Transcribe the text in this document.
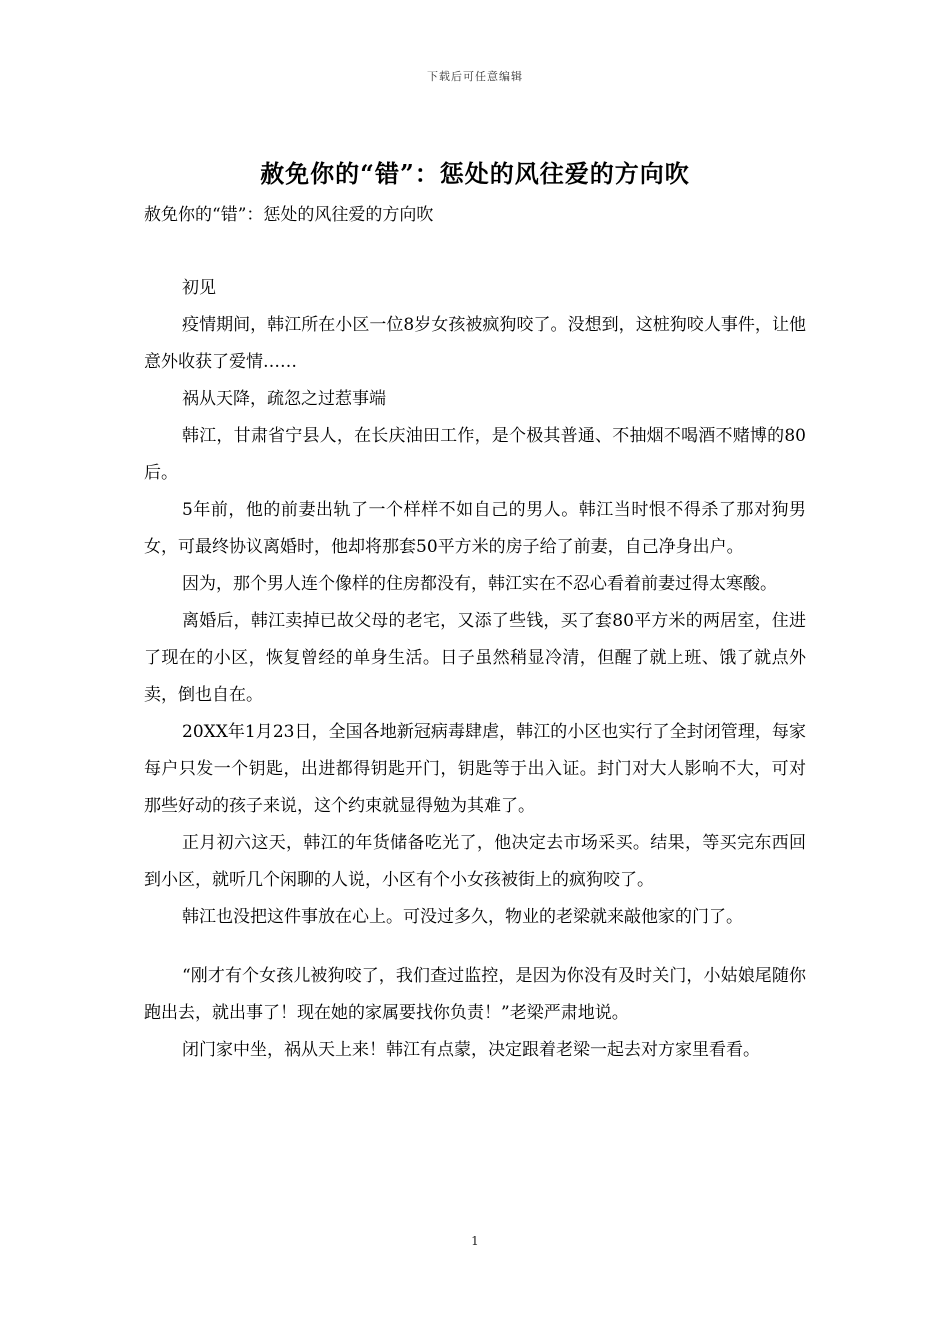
下载后可任意编辑
赦免你的“错”：惩处的风往爱的方向吹

赦免你的“错”：惩处的风往爱的方向吹

初见

疫情期间，韩江所在小区一位8岁女孩被疯狗咬了。没想到，这桩狗咬人事件，让他意外收获了爱情……

祸从天降，疏忽之过惹事端

韩江，甘肃省宁县人，在长庆油田工作，是个极其普通、不抽烟不喝酒不赌博的80后。

5年前，他的前妻出轨了一个样样不如自己的男人。韩江当时恨不得杀了那对狗男女，可最终协议离婚时，他却将那套50平方米的房子给了前妻，自己净身出户。

因为，那个男人连个像样的住房都没有，韩江实在不忍心看着前妻过得太寒酸。

离婚后，韩江卖掉已故父母的老宅，又添了些钱，买了套80平方米的两居室，住进了现在的小区，恢复曾经的单身生活。日子虽然稍显冷清，但醒了就上班、饿了就点外卖，倒也自在。

20XX年1月23日，全国各地新冠病毒肆虐，韩江的小区也实行了全封闭管理，每家每户只发一个钥匙，出进都得钥匙开门，钥匙等于出入证。封门对大人影响不大，可对那些好动的孩子来说，这个约束就显得勉为其难了。

正月初六这天，韩江的年货储备吃光了，他决定去市场采买。结果，等买完东西回到小区，就听几个闲聊的人说，小区有个小女孩被街上的疯狗咬了。

韩江也没把这件事放在心上。可没过多久，物业的老梁就来敲他家的门了。

“刚才有个女孩儿被狗咬了，我们查过监控，是因为你没有及时关门，小姑娘尾随你跑出去，就出事了！现在她的家属要找你负责！”老梁严肃地说。

闭门家中坐，祸从天上来！韩江有点蒙，决定跟着老梁一起去对方家里看看。

1
